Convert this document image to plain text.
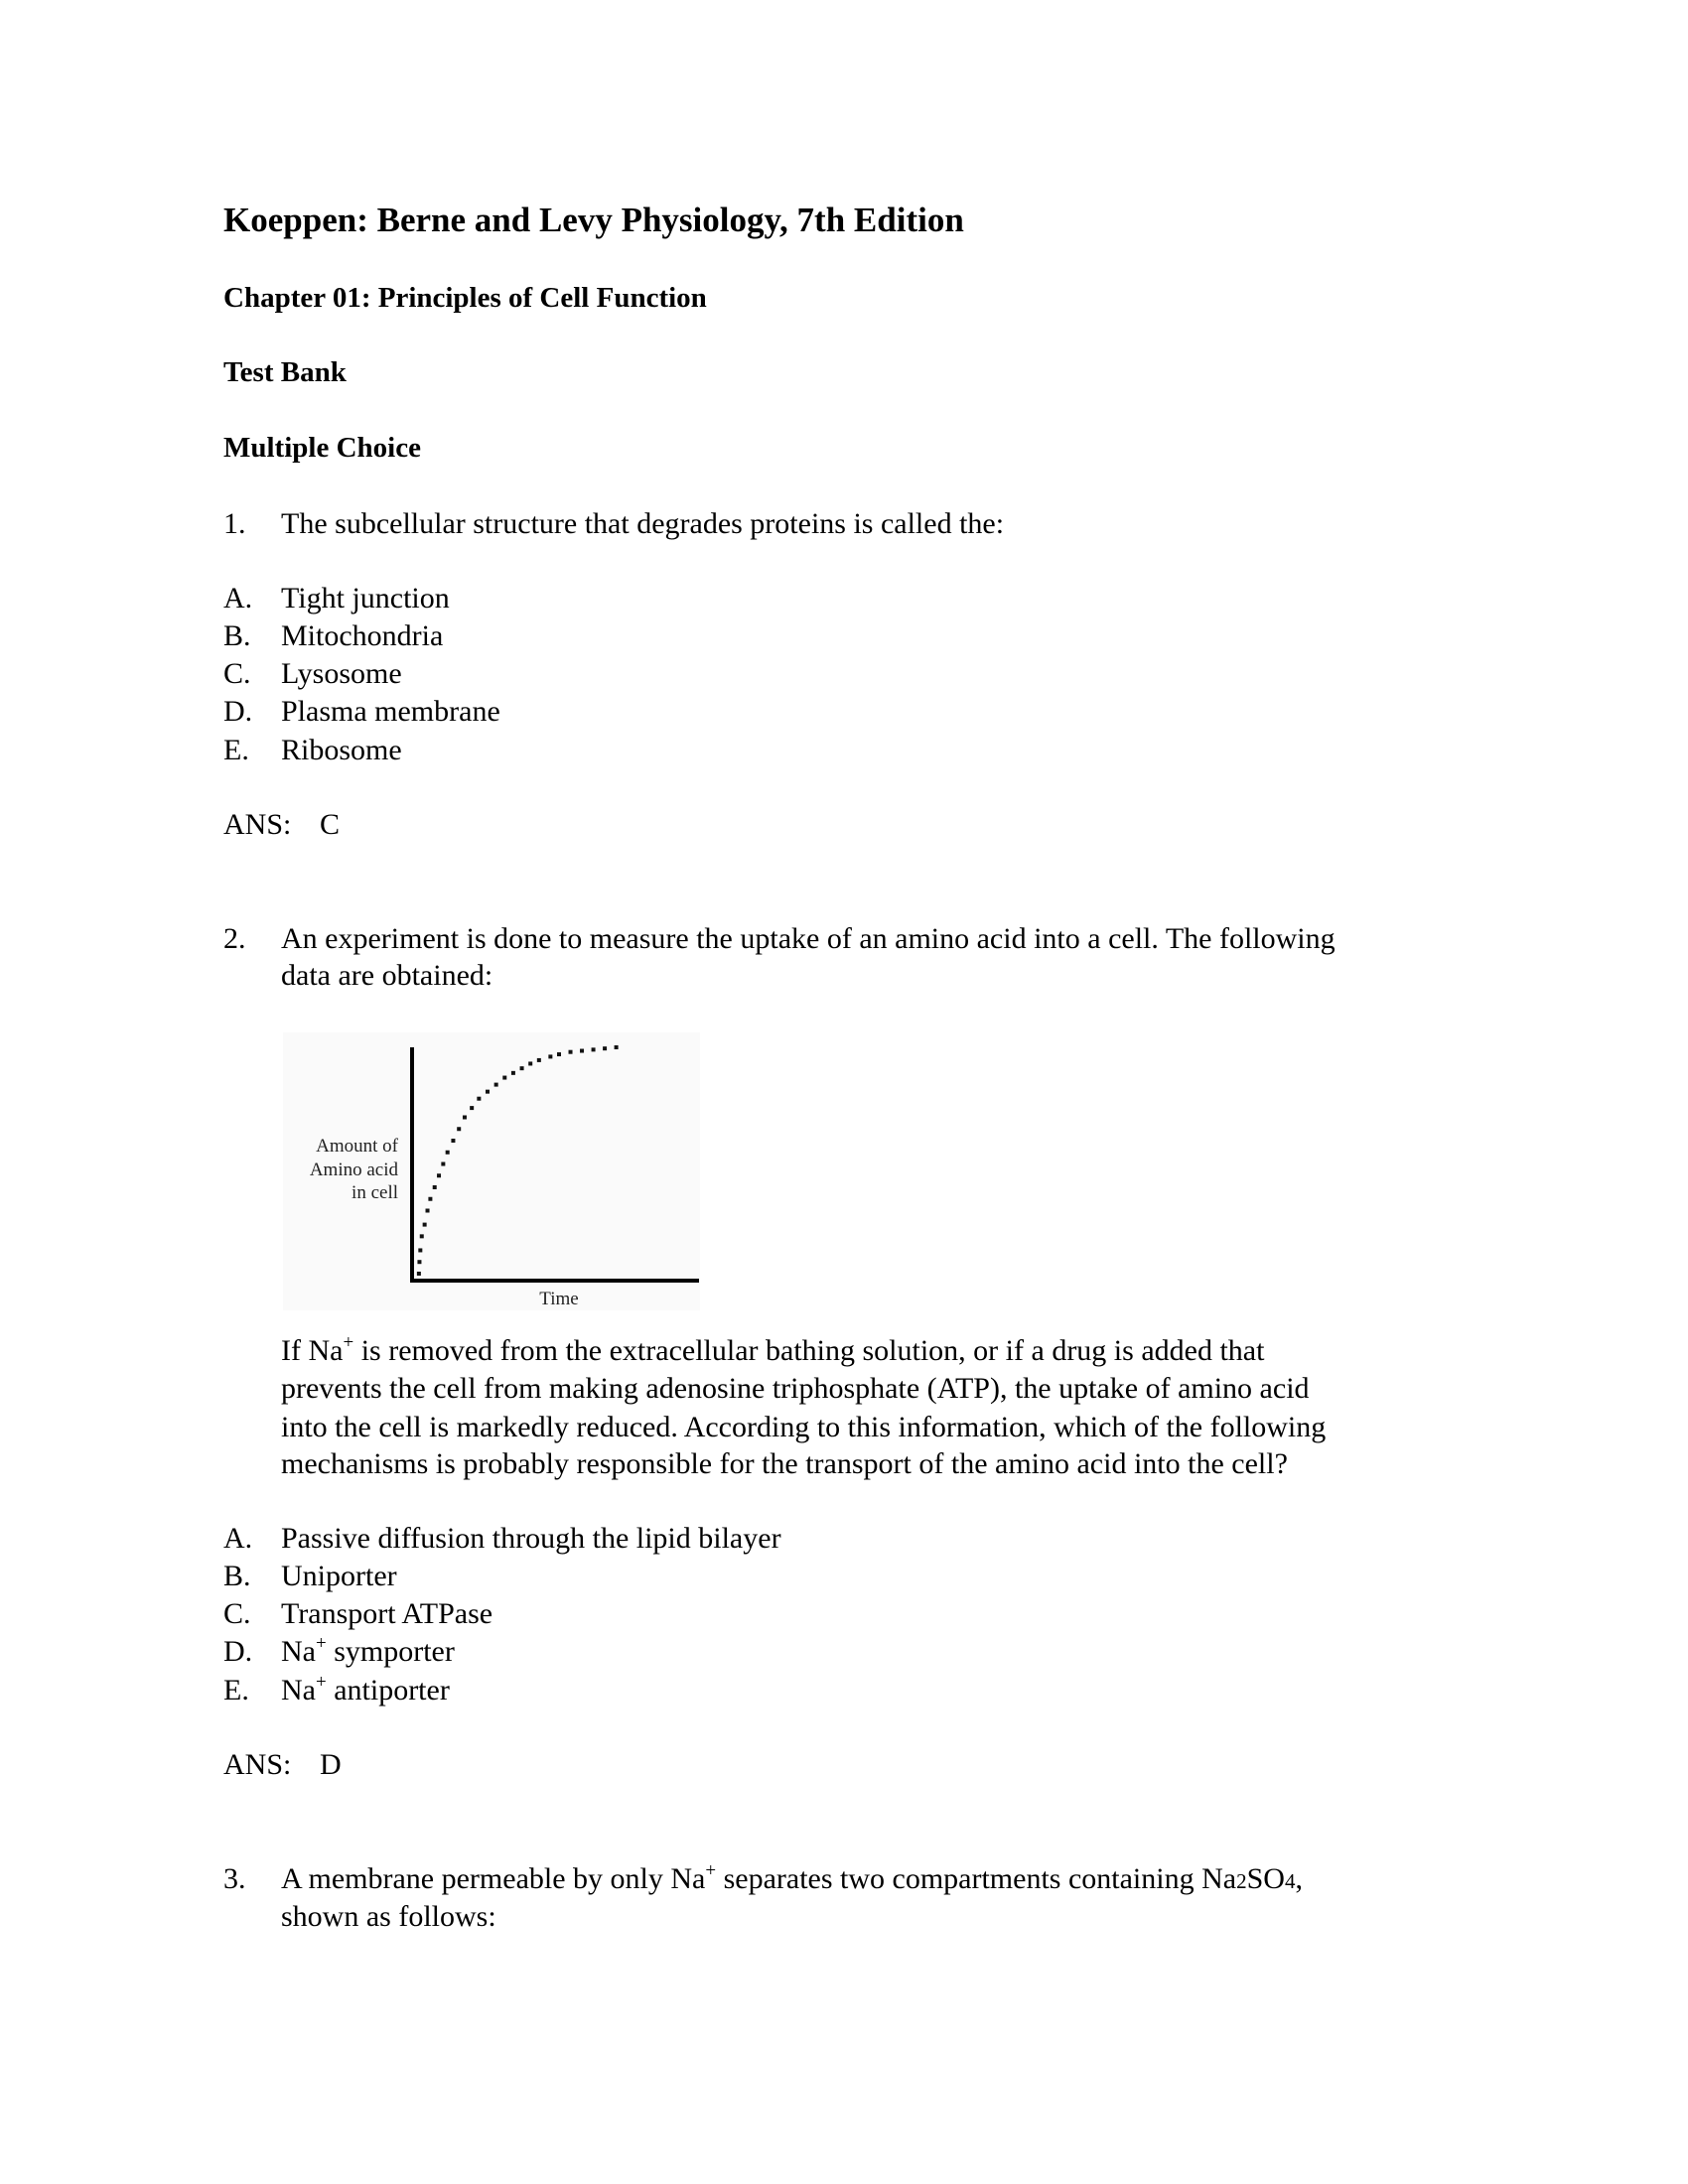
Koeppen: Berne and Levy Physiology, 7th Edition
Chapter 01: Principles of Cell Function
Test Bank
Multiple Choice
1. The subcellular structure that degrades proteins is called the:
A. Tight junction
B. Mitochondria
C. Lysosome
D. Plasma membrane
E. Ribosome
ANS: C
2. An experiment is done to measure the uptake of an amino acid into a cell. The following
data are obtained:
Amount of
Amino acid
in cell
Time
If Na+ is removed from the extracellular bathing solution, or if a drug is added that
prevents the cell from making adenosine triphosphate (ATP), the uptake of amino acid
into the cell is markedly reduced. According to this information, which of the following
mechanisms is probably responsible for the transport of the amino acid into the cell?
A. Passive diffusion through the lipid bilayer
B. Uniporter
C. Transport ATPase
D. Na+ symporter
E. Na+ antiporter
ANS: D
3. A membrane permeable by only Na+ separates two compartments containing Na2SO4,
shown as follows:
